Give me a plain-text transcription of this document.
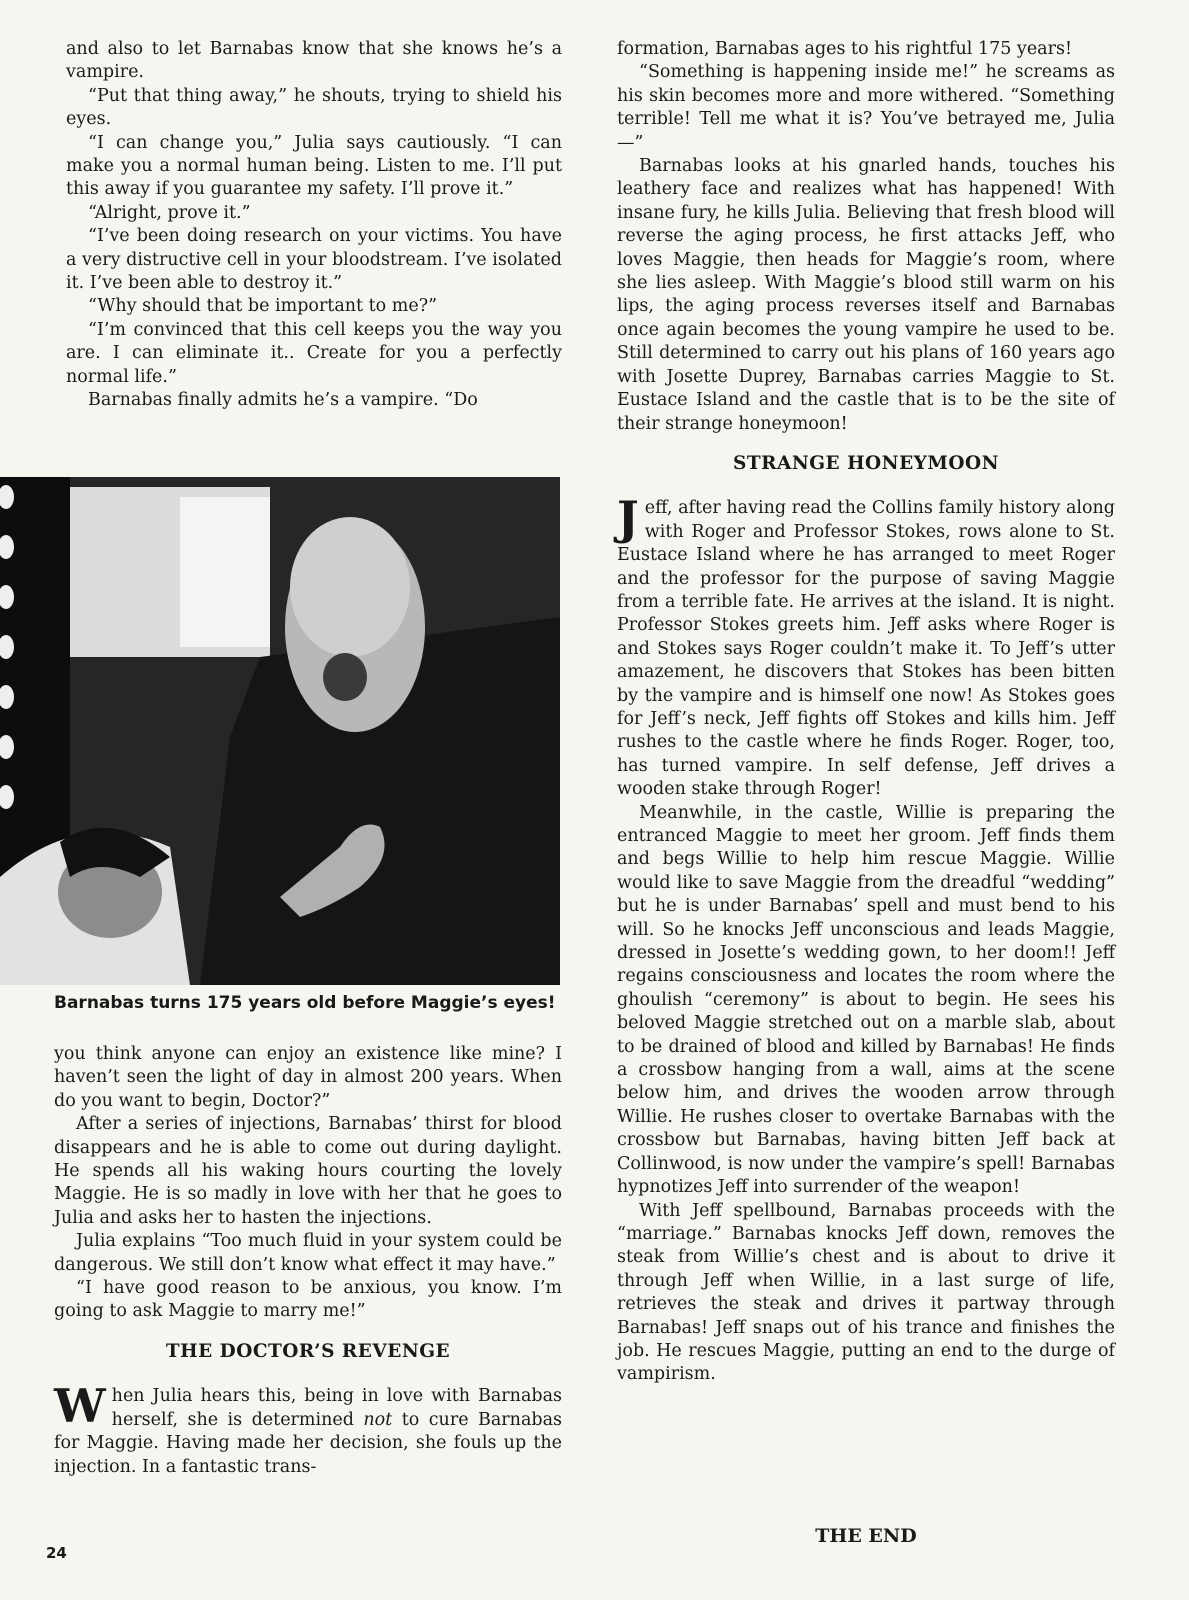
and also to let Barnabas know that she knows he’s a vampire.

“Put that thing away,” he shouts, trying to shield his eyes.

“I can change you,” Julia says cautiously. “I can make you a normal human being. Listen to me. I’ll put this away if you guarantee my safety. I’ll prove it.”

“Alright, prove it.”

“I’ve been doing research on your victims. You have a very distructive cell in your bloodstream. I’ve isolated it. I’ve been able to destroy it.”

“Why should that be important to me?”

“I’m convinced that this cell keeps you the way you are. I can eliminate it.. Create for you a perfectly normal life.”

Barnabas finally admits he’s a vampire. “Do

Barnabas turns 175 years old before Maggie’s eyes!

you think anyone can enjoy an existence like mine? I haven’t seen the light of day in almost 200 years. When do you want to begin, Doctor?”

After a series of injections, Barnabas’ thirst for blood disappears and he is able to come out during daylight. He spends all his waking hours courting the lovely Maggie. He is so madly in love with her that he goes to Julia and asks her to hasten the injections.

Julia explains “Too much fluid in your system could be dangerous. We still don’t know what effect it may have.”

“I have good reason to be anxious, you know. I’m going to ask Maggie to marry me!”

THE DOCTOR’S REVENGE

When Julia hears this, being in love with Barnabas herself, she is determined not to cure Barnabas for Maggie. Having made her decision, she fouls up the injection. In a fantastic trans-

formation, Barnabas ages to his rightful 175 years!

“Something is happening inside me!” he screams as his skin becomes more and more withered. “Something terrible! Tell me what it is? You’ve betrayed me, Julia—”

Barnabas looks at his gnarled hands, touches his leathery face and realizes what has happened! With insane fury, he kills Julia. Believing that fresh blood will reverse the aging process, he first attacks Jeff, who loves Maggie, then heads for Maggie’s room, where she lies asleep. With Maggie’s blood still warm on his lips, the aging process reverses itself and Barnabas once again becomes the young vampire he used to be. Still determined to carry out his plans of 160 years ago with Josette Duprey, Barnabas carries Maggie to St. Eustace Island and the castle that is to be the site of their strange honeymoon!

STRANGE HONEYMOON

Jeff, after having read the Collins family history along with Roger and Professor Stokes, rows alone to St. Eustace Island where he has arranged to meet Roger and the professor for the purpose of saving Maggie from a terrible fate. He arrives at the island. It is night. Professor Stokes greets him. Jeff asks where Roger is and Stokes says Roger couldn’t make it. To Jeff’s utter amazement, he discovers that Stokes has been bitten by the vampire and is himself one now! As Stokes goes for Jeff’s neck, Jeff fights off Stokes and kills him. Jeff rushes to the castle where he finds Roger. Roger, too, has turned vampire. In self defense, Jeff drives a wooden stake through Roger!

Meanwhile, in the castle, Willie is preparing the entranced Maggie to meet her groom. Jeff finds them and begs Willie to help him rescue Maggie. Willie would like to save Maggie from the dreadful “wedding” but he is under Barnabas’ spell and must bend to his will. So he knocks Jeff unconscious and leads Maggie, dressed in Josette’s wedding gown, to her doom!! Jeff regains consciousness and locates the room where the ghoulish “ceremony” is about to begin. He sees his beloved Maggie stretched out on a marble slab, about to be drained of blood and killed by Barnabas! He finds a crossbow hanging from a wall, aims at the scene below him, and drives the wooden arrow through Willie. He rushes closer to overtake Barnabas with the crossbow but Barnabas, having bitten Jeff back at Collinwood, is now under the vampire’s spell! Barnabas hypnotizes Jeff into surrender of the weapon!

With Jeff spellbound, Barnabas proceeds with the “marriage.” Barnabas knocks Jeff down, removes the steak from Willie’s chest and is about to drive it through Jeff when Willie, in a last surge of life, retrieves the steak and drives it partway through Barnabas! Jeff snaps out of his trance and finishes the job. He rescues Maggie, putting an end to the durge of vampirism.

THE END
24
